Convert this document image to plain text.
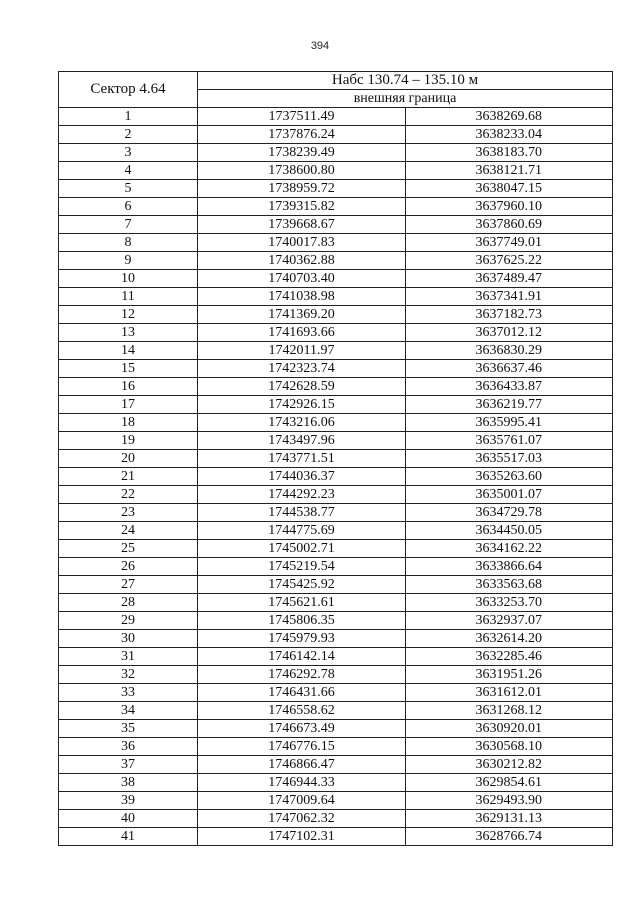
394
Сектор 4.64	Набс 130.74 – 135.10 м	
	внешняя граница	
1	1737511.49	3638269.68
2	1737876.24	3638233.04
3	1738239.49	3638183.70
4	1738600.80	3638121.71
5	1738959.72	3638047.15
6	1739315.82	3637960.10
7	1739668.67	3637860.69
8	1740017.83	3637749.01
9	1740362.88	3637625.22
10	1740703.40	3637489.47
11	1741038.98	3637341.91
12	1741369.20	3637182.73
13	1741693.66	3637012.12
14	1742011.97	3636830.29
15	1742323.74	3636637.46
16	1742628.59	3636433.87
17	1742926.15	3636219.77
18	1743216.06	3635995.41
19	1743497.96	3635761.07
20	1743771.51	3635517.03
21	1744036.37	3635263.60
22	1744292.23	3635001.07
23	1744538.77	3634729.78
24	1744775.69	3634450.05
25	1745002.71	3634162.22
26	1745219.54	3633866.64
27	1745425.92	3633563.68
28	1745621.61	3633253.70
29	1745806.35	3632937.07
30	1745979.93	3632614.20
31	1746142.14	3632285.46
32	1746292.78	3631951.26
33	1746431.66	3631612.01
34	1746558.62	3631268.12
35	1746673.49	3630920.01
36	1746776.15	3630568.10
37	1746866.47	3630212.82
38	1746944.33	3629854.61
39	1747009.64	3629493.90
40	1747062.32	3629131.13
41	1747102.31	3628766.74
